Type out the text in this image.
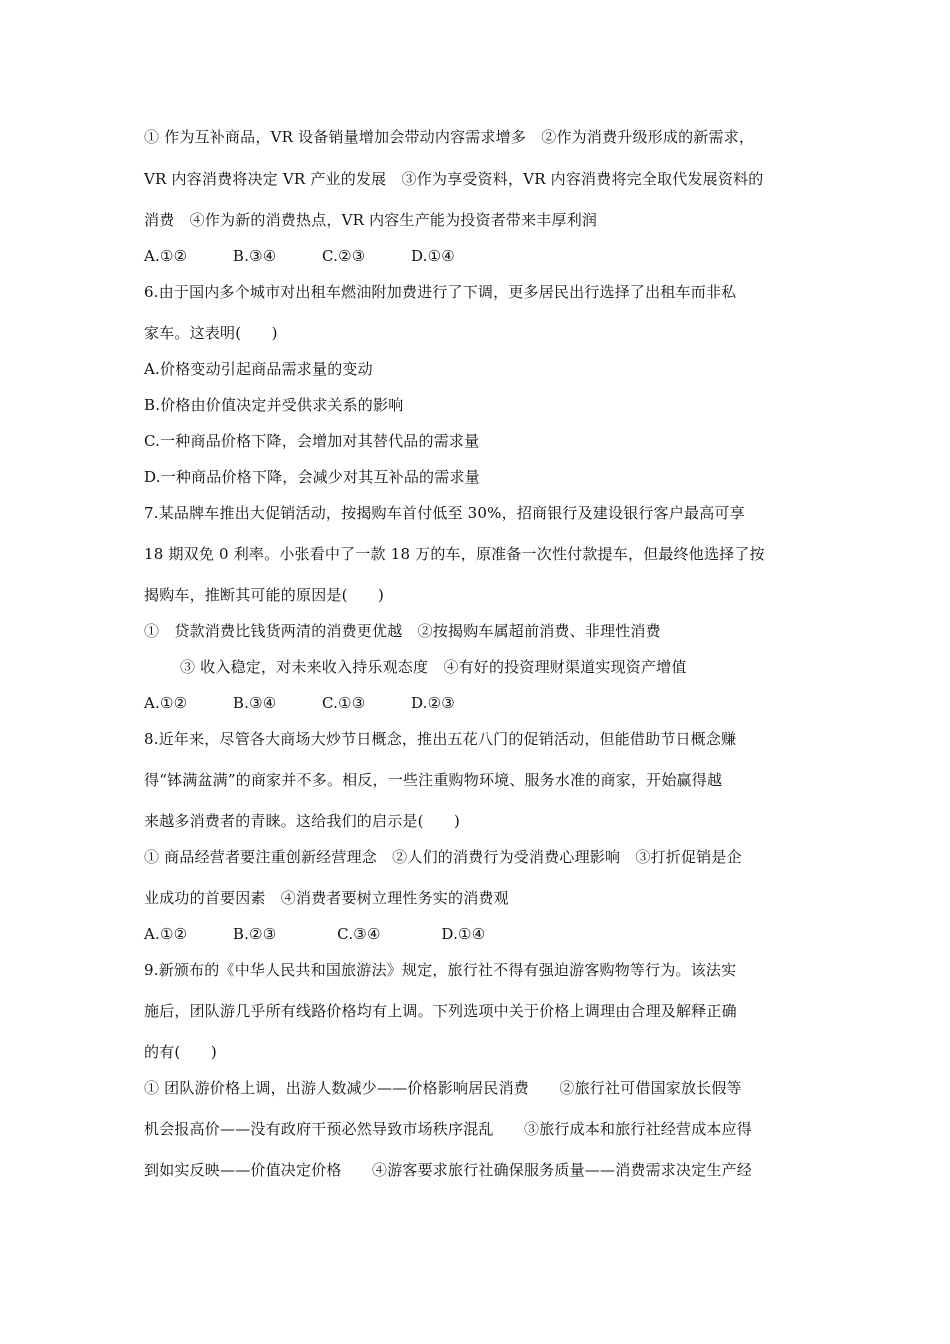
① 作为互补商品，VR 设备销量增加会带动内容需求增多　②作为消费升级形成的新需求，
VR 内容消费将决定 VR 产业的发展　③作为享受资料，VR 内容消费将完全取代发展资料的
消费　④作为新的消费热点，VR 内容生产能为投资者带来丰厚利润
A.①②　　　B.③④　　　C.②③　　　D.①④
6.由于国内多个城市对出租车燃油附加费进行了下调，更多居民出行选择了出租车而非私
家车。这表明(　　)
A.价格变动引起商品需求量的变动
B.价格由价值决定并受供求关系的影响
C.一种商品价格下降，会增加对其替代品的需求量
D.一种商品价格下降，会减少对其互补品的需求量
7.某品牌车推出大促销活动，按揭购车首付低至 30%，招商银行及建设银行客户最高可享
18 期双免 0 利率。小张看中了一款 18 万的车，原准备一次性付款提车，但最终他选择了按
揭购车，推断其可能的原因是(　　)
①　贷款消费比钱货两清的消费更优越　②按揭购车属超前消费、非理性消费
③ 收入稳定，对未来收入持乐观态度　④有好的投资理财渠道实现资产增值
A.①②　　　B.③④　　　C.①③　　　D.②③
8.近年来，尽管各大商场大炒节日概念，推出五花八门的促销活动，但能借助节日概念赚
得“钵满盆满”的商家并不多。相反，一些注重购物环境、服务水准的商家，开始赢得越
来越多消费者的青睐。这给我们的启示是(　　)
① 商品经营者要注重创新经营理念　②人们的消费行为受消费心理影响　③打折促销是企
业成功的首要因素　④消费者要树立理性务实的消费观
A.①②　　　B.②③　　　　C.③④　　　　D.①④
9.新颁布的《中华人民共和国旅游法》规定，旅行社不得有强迫游客购物等行为。该法实
施后，团队游几乎所有线路价格均有上调。下列选项中关于价格上调理由合理及解释正确
的有(　　)
① 团队游价格上调，出游人数减少——价格影响居民消费　　②旅行社可借国家放长假等
机会报高价——没有政府干预必然导致市场秩序混乱　　③旅行成本和旅行社经营成本应得
到如实反映——价值决定价格　　④游客要求旅行社确保服务质量——消费需求决定生产经
